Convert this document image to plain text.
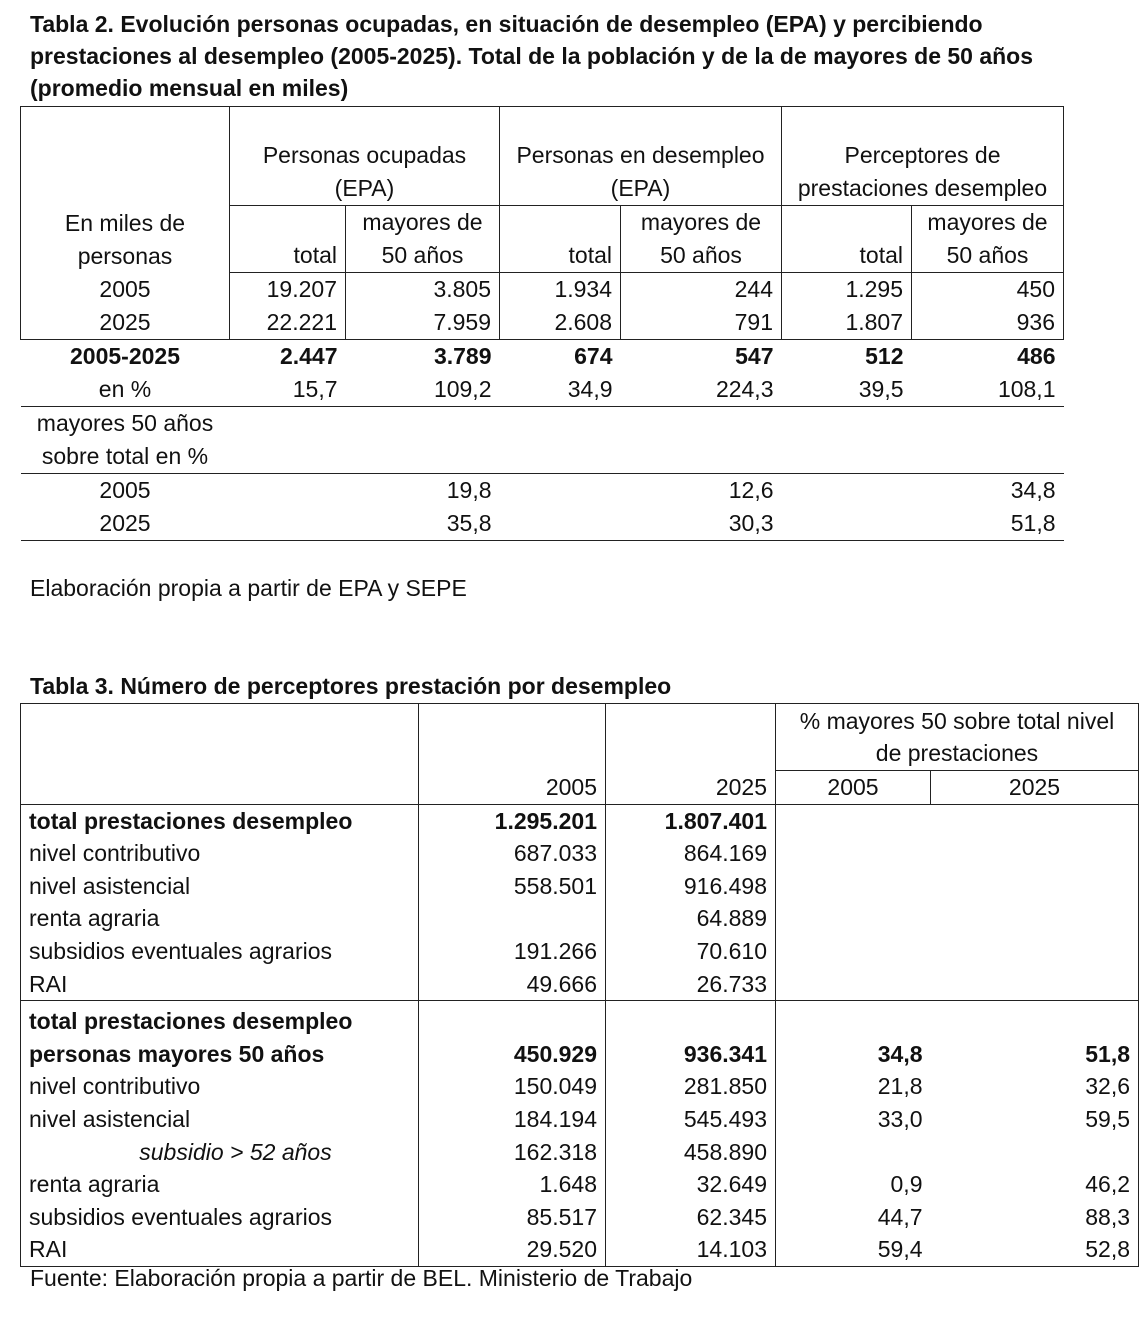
Tabla 2. Evolución personas ocupadas, en situación de desempleo (EPA) y percibiendo prestaciones al desempleo (2005-2025). Total de la población y de la de mayores de 50 años (promedio mensual en miles)
En miles de personas	Personas ocupadas (EPA)		Personas en desempleo (EPA)		Perceptores de prestaciones desempleo	
	total	mayores de 50 años	total	mayores de 50 años	total	mayores de 50 años
2005	19.207	3.805	1.934	244	1.295	450
2025	22.221	7.959	2.608	791	1.807	936
2005-2025	2.447	3.789	674	547	512	486
en %	15,7	109,2	34,9	224,3	39,5	108,1
mayores 50 años sobre total en %						
2005		19,8		12,6		34,8
2025		35,8		30,3		51,8
Elaboración propia a partir de EPA y SEPE
Tabla 3. Número de perceptores prestación por desempleo
	2005	2025	% mayores 50 sobre total nivel de prestaciones	
			2005	2025
total prestaciones desempleo	1.295.201	1.807.401		
nivel contributivo	687.033	864.169		
nivel asistencial	558.501	916.498		
renta agraria		64.889		
subsidios eventuales agrarios	191.266	70.610		
RAI	49.666	26.733		
total prestaciones desempleo				
personas mayores 50 años	450.929	936.341	34,8	51,8
nivel contributivo	150.049	281.850	21,8	32,6
nivel asistencial	184.194	545.493	33,0	59,5
subsidio > 52 años	162.318	458.890		
renta agraria	1.648	32.649	0,9	46,2
subsidios eventuales agrarios	85.517	62.345	44,7	88,3
RAI	29.520	14.103	59,4	52,8
Fuente: Elaboración propia a partir de BEL. Ministerio de Trabajo
